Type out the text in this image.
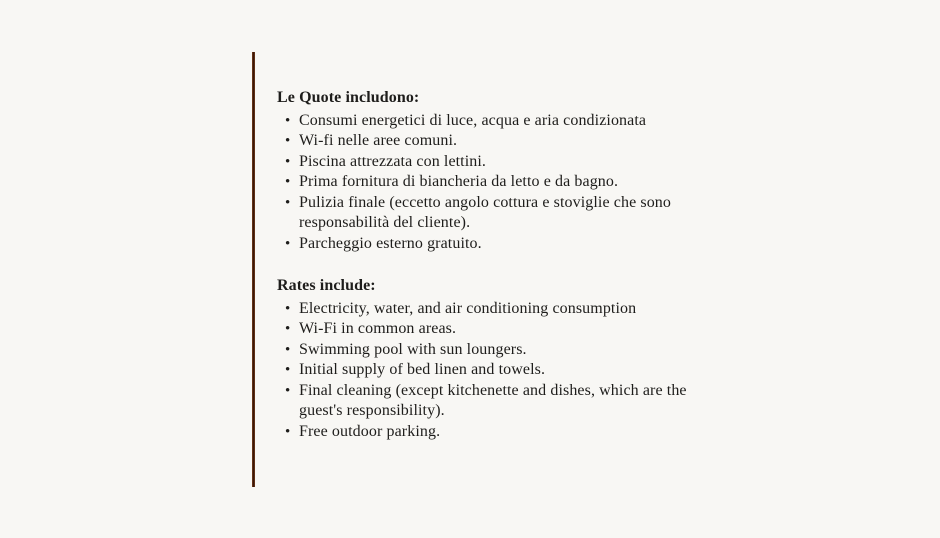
Le Quote includono:
• Consumi energetici di luce, acqua e aria condizionata
• Wi-fi nelle aree comuni.
• Piscina attrezzata con lettini.
• Prima fornitura di biancheria da letto e da bagno.
• Pulizia finale (eccetto angolo cottura e stoviglie che sono
responsabilità del cliente).
• Parcheggio esterno gratuito.
Rates include:
• Electricity, water, and air conditioning consumption
• Wi-Fi in common areas.
• Swimming pool with sun loungers.
• Initial supply of bed linen and towels.
• Final cleaning (except kitchenette and dishes, which are the
guest's responsibility).
• Free outdoor parking.
